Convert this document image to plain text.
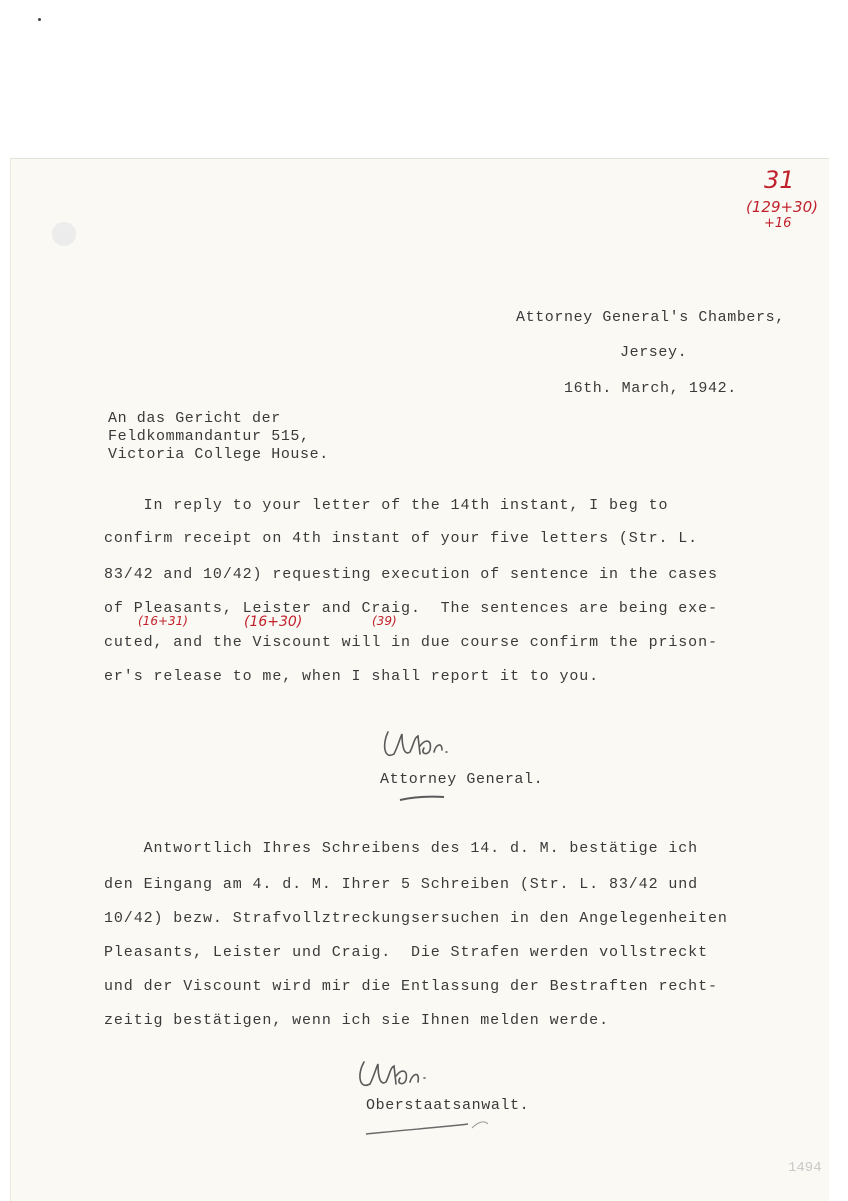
31
(129+30)
+16
Attorney General's Chambers,
Jersey.
16th. March, 1942.
An das Gericht der
Feldkommandantur 515,
Victoria College House.
In reply to your letter of the 14th instant, I beg to
confirm receipt on 4th instant of your five letters (Str. L.
83/42 and 10/42) requesting execution of sentence in the cases
of Pleasants, Leister and Craig.  The sentences are being exe-
cuted, and the Viscount will in due course confirm the prison-
er's release to me, when I shall report it to you.
(16+31)	(16+30)	(39)
Attorney General.
Antwortlich Ihres Schreibens des 14. d. M. bestätige ich
den Eingang am 4. d. M. Ihrer 5 Schreiben (Str. L. 83/42 und
10/42) bezw. Strafvollztreckungsersuchen in den Angelegenheiten
Pleasants, Leister und Craig.  Die Strafen werden vollstreckt
und der Viscount wird mir die Entlassung der Bestraften recht-
zeitig bestätigen, wenn ich sie Ihnen melden werde.
Oberstaatsanwalt.
1494
